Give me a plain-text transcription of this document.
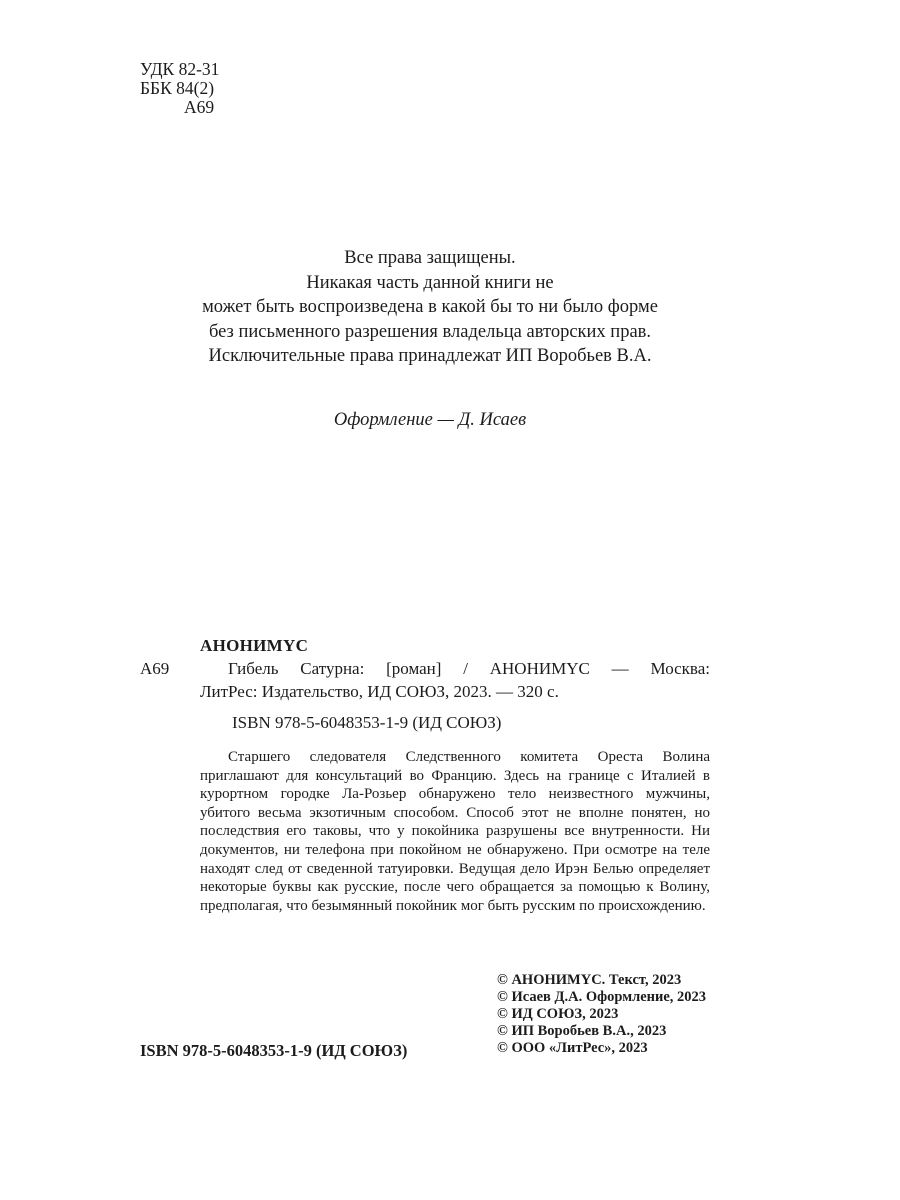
УДК 82-31
ББК 84(2)
А69
Все права защищены.
Никакая часть данной книги не
может быть воспроизведена в какой бы то ни было форме
без письменного разрешения владельца авторских прав.
Исключительные права принадлежат ИП Воробьев В.А.
Оформление — Д. Исаев
АНОНИМYC
А69	Гибель Сатурна: [роман] / АНОНИМYC — Москва:
ЛитРес: Издательство, ИД СОЮЗ, 2023. — 320 с.
ISBN 978-5-6048353-1-9 (ИД СОЮЗ)
Старшего следователя Следственного комитета Ореста Волина приглашают для консультаций во Францию. Здесь на границе с Италией в курортном городке Ла-Розьер обнаружено тело неизвестного мужчины, убитого весьма экзотичным способом. Способ этот не вполне понятен, но последствия его таковы, что у покойника разрушены все внутренности. Ни документов, ни телефона при покойном не обнаружено. При осмотре на теле находят след от сведенной татуировки. Ведущая дело Ирэн Белью определяет некоторые буквы как русские, после чего обращается за помощью к Волину, предполагая, что безымянный покойник мог быть русским по происхождению.
© АНОНИМYC. Текст, 2023
© Исаев Д.А. Оформление, 2023
© ИД СОЮЗ, 2023
© ИП Воробьев В.А., 2023
© ООО «ЛитРес», 2023
ISBN 978-5-6048353-1-9 (ИД СОЮЗ)
